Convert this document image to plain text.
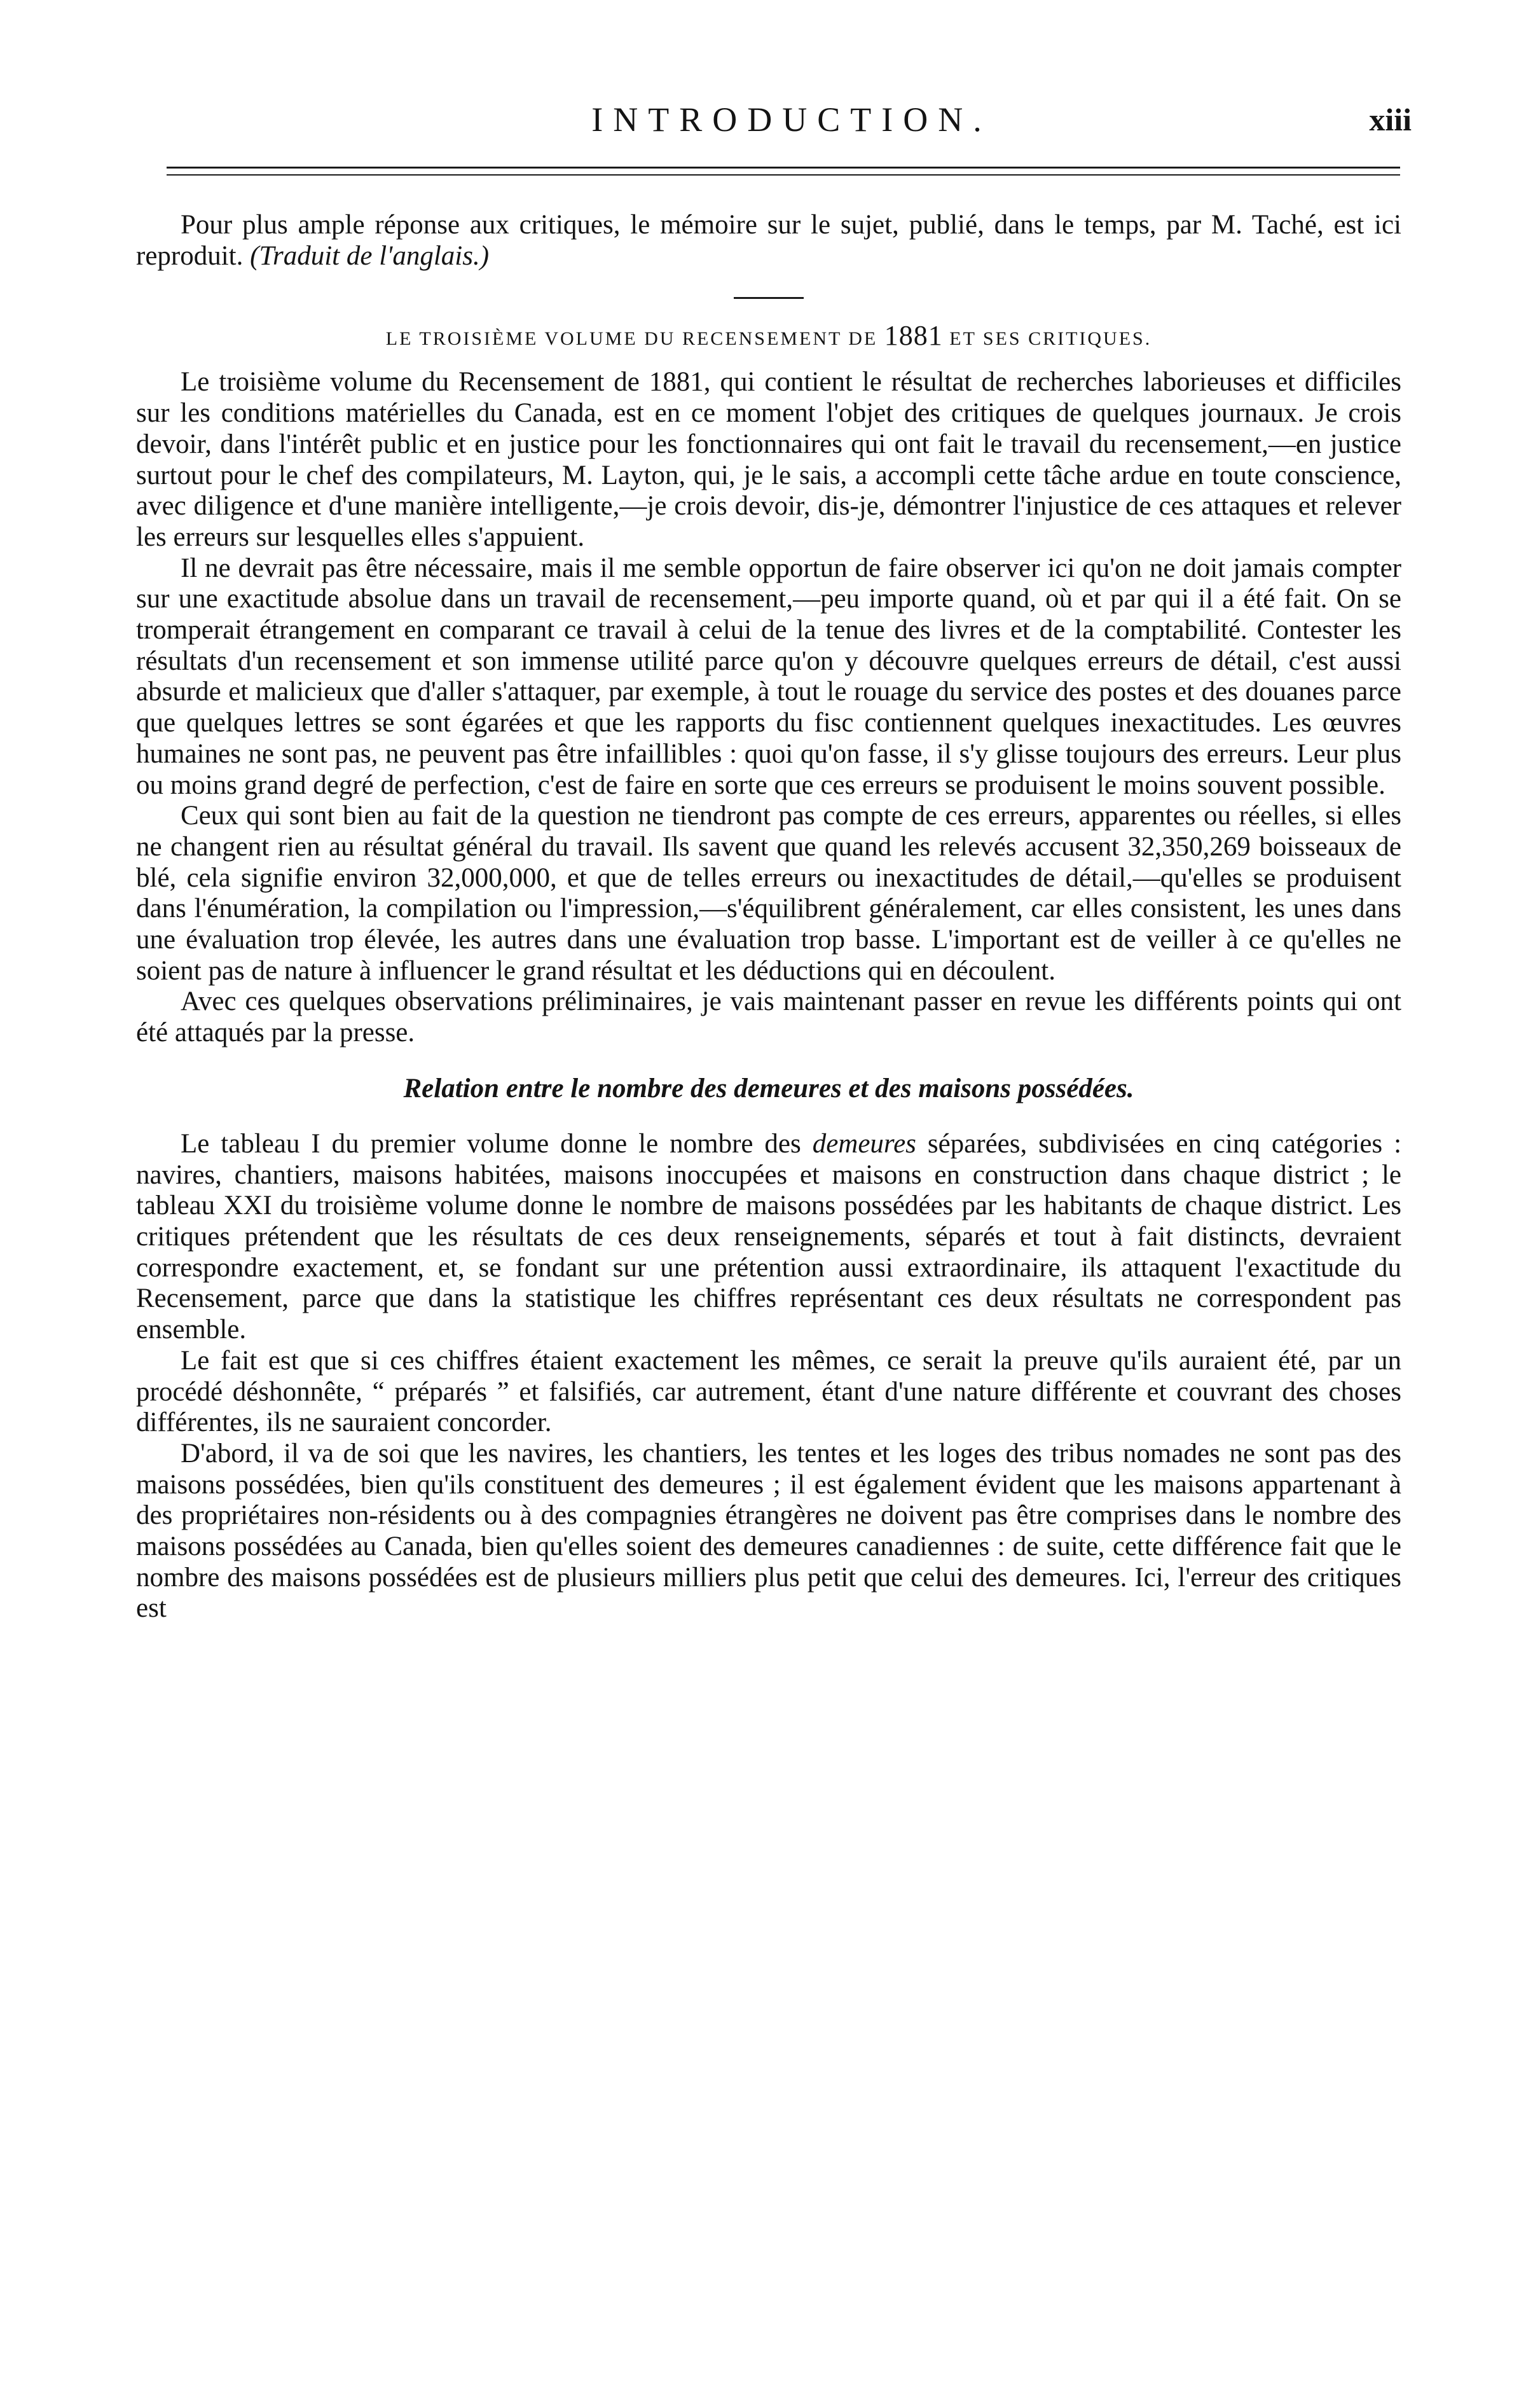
INTRODUCTION.	xiii

Pour plus ample réponse aux critiques, le mémoire sur le sujet, publié, dans le temps, par M. Taché, est ici reproduit. (Traduit de l'anglais.)

LE TROISIÈME VOLUME DU RECENSEMENT DE 1881 ET SES CRITIQUES.

Le troisième volume du Recensement de 1881, qui contient le résultat de recherches laborieuses et difficiles sur les conditions matérielles du Canada, est en ce moment l'objet des critiques de quelques journaux. Je crois devoir, dans l'intérêt public et en justice pour les fonctionnaires qui ont fait le travail du recensement,—en justice surtout pour le chef des compilateurs, M. Layton, qui, je le sais, a accompli cette tâche ardue en toute conscience, avec diligence et d'une manière intelligente,—je crois devoir, dis-je, démontrer l'injustice de ces attaques et relever les erreurs sur lesquelles elles s'appuient.

Il ne devrait pas être nécessaire, mais il me semble opportun de faire observer ici qu'on ne doit jamais compter sur une exactitude absolue dans un travail de recensement,—peu importe quand, où et par qui il a été fait. On se tromperait étrangement en comparant ce travail à celui de la tenue des livres et de la comptabilité. Contester les résultats d'un recensement et son immense utilité parce qu'on y découvre quelques erreurs de détail, c'est aussi absurde et malicieux que d'aller s'attaquer, par exemple, à tout le rouage du service des postes et des douanes parce que quelques lettres se sont égarées et que les rapports du fisc contiennent quelques inexactitudes. Les œuvres humaines ne sont pas, ne peuvent pas être infaillibles : quoi qu'on fasse, il s'y glisse toujours des erreurs. Leur plus ou moins grand degré de perfection, c'est de faire en sorte que ces erreurs se produisent le moins souvent possible.

Ceux qui sont bien au fait de la question ne tiendront pas compte de ces erreurs, apparentes ou réelles, si elles ne changent rien au résultat général du travail. Ils savent que quand les relevés accusent 32,350,269 boisseaux de blé, cela signifie environ 32,000,000, et que de telles erreurs ou inexactitudes de détail,—qu'elles se produisent dans l'énumération, la compilation ou l'impression,—s'équilibrent généralement, car elles consistent, les unes dans une évaluation trop élevée, les autres dans une évaluation trop basse. L'important est de veiller à ce qu'elles ne soient pas de nature à influencer le grand résultat et les déductions qui en découlent.

Avec ces quelques observations préliminaires, je vais maintenant passer en revue les différents points qui ont été attaqués par la presse.

Relation entre le nombre des demeures et des maisons possédées.

Le tableau I du premier volume donne le nombre des demeures séparées, subdivisées en cinq catégories : navires, chantiers, maisons habitées, maisons inoccupées et maisons en construction dans chaque district ; le tableau XXI du troisième volume donne le nombre de maisons possédées par les habitants de chaque district. Les critiques prétendent que les résultats de ces deux renseignements, séparés et tout à fait distincts, devraient correspondre exactement, et, se fondant sur une prétention aussi extraordinaire, ils attaquent l'exactitude du Recensement, parce que dans la statistique les chiffres représentant ces deux résultats ne correspondent pas ensemble.

Le fait est que si ces chiffres étaient exactement les mêmes, ce serait la preuve qu'ils auraient été, par un procédé déshonnête, “ préparés ” et falsifiés, car autrement, étant d'une nature différente et couvrant des choses différentes, ils ne sauraient concorder.

D'abord, il va de soi que les navires, les chantiers, les tentes et les loges des tribus nomades ne sont pas des maisons possédées, bien qu'ils constituent des demeures ; il est également évident que les maisons appartenant à des propriétaires non-résidents ou à des compagnies étrangères ne doivent pas être comprises dans le nombre des maisons possédées au Canada, bien qu'elles soient des demeures canadiennes : de suite, cette différence fait que le nombre des maisons possédées est de plusieurs milliers plus petit que celui des demeures. Ici, l'erreur des critiques est
